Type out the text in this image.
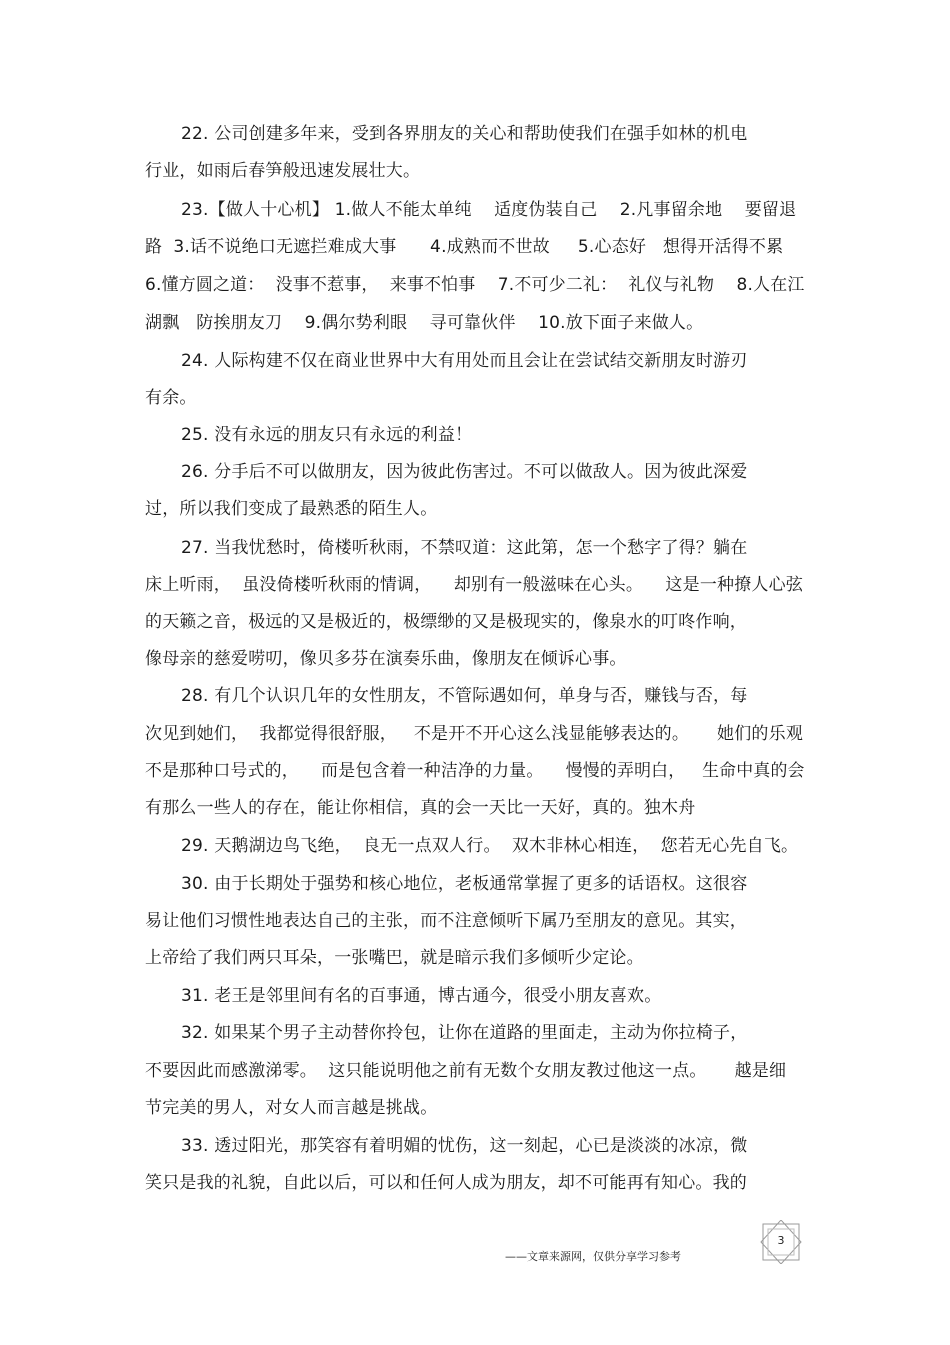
22. 公司创建多年来，受到各界朋友的关心和帮助使我们在强手如林的机电
行业，如雨后春笋般迅速发展壮大。
23.【做人十心机】 1.做人不能太单纯    适度伪装自己    2.凡事留余地    要留退
路  3.话不说绝口无遮拦难成大事      4.成熟而不世故     5.心态好   想得开活得不累
6.懂方圆之道：  没事不惹事，  来事不怕事    7.不可少二礼：  礼仪与礼物    8.人在江
湖飘   防挨朋友刀    9.偶尔势利眼    寻可靠伙伴    10.放下面子来做人。
24. 人际构建不仅在商业世界中大有用处而且会让在尝试结交新朋友时游刃
有余。
25. 没有永远的朋友只有永远的利益！
26. 分手后不可以做朋友，因为彼此伤害过。不可以做敌人。因为彼此深爱
过，所以我们变成了最熟悉的陌生人。
27. 当我忧愁时，倚楼听秋雨，不禁叹道：这此第，怎一个愁字了得？躺在
床上听雨，  虽没倚楼听秋雨的情调，    却别有一般滋味在心头。    这是一种撩人心弦
的天籁之音，极远的又是极近的，极缥缈的又是极现实的，像泉水的叮咚作响，
像母亲的慈爱唠叨，像贝多芬在演奏乐曲，像朋友在倾诉心事。
28. 有几个认识几年的女性朋友，不管际遇如何，单身与否，赚钱与否，每
次见到她们，  我都觉得很舒服，   不是开不开心这么浅显能够表达的。     她们的乐观
不是那种口号式的，    而是包含着一种洁净的力量。    慢慢的弄明白，   生命中真的会
有那么一些人的存在，能让你相信，真的会一天比一天好，真的。独木舟
29. 天鹅湖边鸟飞绝，  良无一点双人行。  双木非林心相连，  您若无心先自飞。
30. 由于长期处于强势和核心地位，老板通常掌握了更多的话语权。这很容
易让他们习惯性地表达自己的主张，而不注意倾听下属乃至朋友的意见。其实，
上帝给了我们两只耳朵，一张嘴巴，就是暗示我们多倾听少定论。
31. 老王是邻里间有名的百事通，博古通今，很受小朋友喜欢。
32. 如果某个男子主动替你拎包，让你在道路的里面走，主动为你拉椅子，
不要因此而感激涕零。  这只能说明他之前有无数个女朋友教过他这一点。     越是细
节完美的男人，对女人而言越是挑战。
33. 透过阳光，那笑容有着明媚的忧伤，这一刻起，心已是淡淡的冰凉，微
笑只是我的礼貌，自此以后，可以和任何人成为朋友，却不可能再有知心。我的
——文章来源网，仅供分享学习参考
3
